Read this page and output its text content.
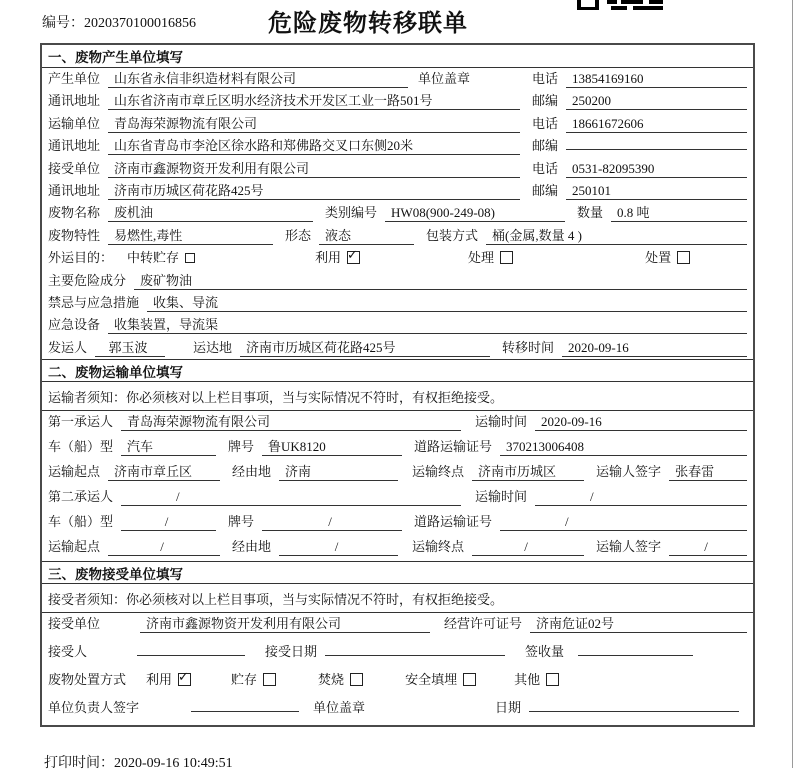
编号：2020370100016856	危险废物转移联单
一、废物产生单位填写
产生单位	山东省永信非织造材料有限公司	单位盖章	电话	13854169160
通讯地址	山东省济南市章丘区明水经济技术开发区工业一路501号	邮编	250200
运输单位	青岛海荣源物流有限公司	电话	18661672606
通讯地址	山东省青岛市李沧区徐水路和郑佛路交叉口东侧20米	邮编
接受单位	济南市鑫源物资开发利用有限公司	电话	0531-82095390
通讯地址	济南市历城区荷花路425号	邮编	250101
废物名称	废机油	类别编号	HW08(900-249-08)	数量	0.8 吨
废物特性	易燃性,毒性	形态	液态	包装方式	桶(金属,数量 4 )
外运目的： 中转贮存	利用 ✓	处理	处置
主要危险成分	废矿物油
禁忌与应急措施	收集、导流
应急设备	收集装置，导流渠
发运人	郭玉波	运达地	济南市历城区荷花路425号	转移时间	2020-09-16
二、废物运输单位填写
运输者须知：你必须核对以上栏目事项，当与实际情况不符时，有权拒绝接受。
第一承运人	青岛海荣源物流有限公司	运输时间	2020-09-16
车（船）型	汽车	牌号	鲁UK8120	道路运输证号	370213006408
运输起点	济南市章丘区	经由地	济南	运输终点	济南市历城区	运输人签字	张春雷
第二承运人	/	运输时间	/
车（船）型	/	牌号	/	道路运输证号	/
运输起点	/	经由地	/	运输终点	/	运输人签字	/
三、废物接受单位填写
接受者须知：你必须核对以上栏目事项，当与实际情况不符时，有权拒绝接受。
接受单位	济南市鑫源物资开发利用有限公司	经营许可证号	济南危证02号
接受人	接受日期	签收量
废物处置方式 利用 ✓	贮存	焚烧	安全填埋	其他
单位负责人签字	单位盖章	日期
打印时间：2020-09-16 10:49:51
